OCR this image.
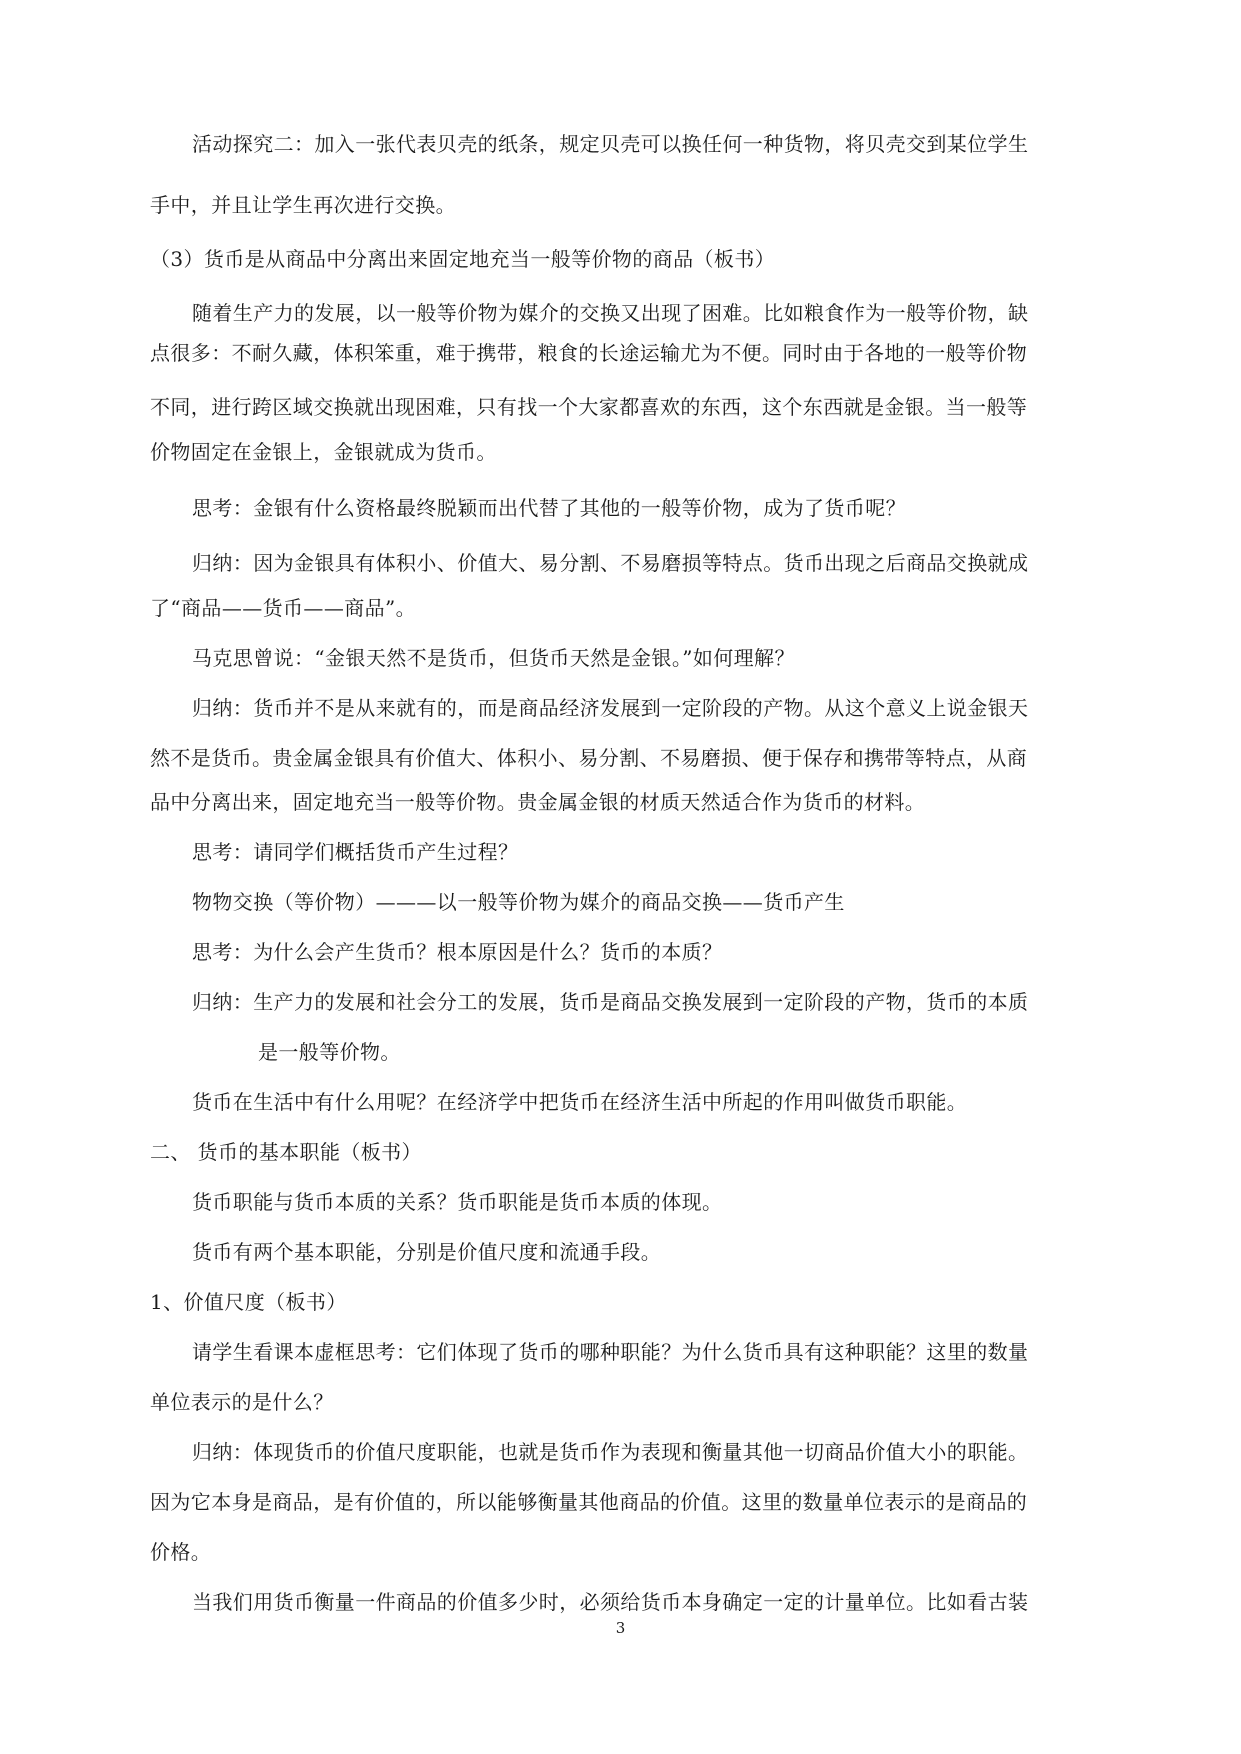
活动探究二：加入一张代表贝壳的纸条，规定贝壳可以换任何一种货物，将贝壳交到某位学生
手中，并且让学生再次进行交换。
（3）货币是从商品中分离出来固定地充当一般等价物的商品（板书）
随着生产力的发展，以一般等价物为媒介的交换又出现了困难。比如粮食作为一般等价物，缺
点很多：不耐久藏，体积笨重，难于携带，粮食的长途运输尤为不便。同时由于各地的一般等价物
不同，进行跨区域交换就出现困难，只有找一个大家都喜欢的东西，这个东西就是金银。当一般等
价物固定在金银上，金银就成为货币。
思考：金银有什么资格最终脱颖而出代替了其他的一般等价物，成为了货币呢？
归纳：因为金银具有体积小、价值大、易分割、不易磨损等特点。货币出现之后商品交换就成
了“商品——货币——商品”。
马克思曾说：“金银天然不是货币，但货币天然是金银。”如何理解？
归纳：货币并不是从来就有的，而是商品经济发展到一定阶段的产物。从这个意义上说金银天
然不是货币。贵金属金银具有价值大、体积小、易分割、不易磨损、便于保存和携带等特点，从商
品中分离出来，固定地充当一般等价物。贵金属金银的材质天然适合作为货币的材料。
思考：请同学们概括货币产生过程？
物物交换（等价物）———以一般等价物为媒介的商品交换——货币产生
思考：为什么会产生货币？根本原因是什么？货币的本质？
归纳：生产力的发展和社会分工的发展，货币是商品交换发展到一定阶段的产物，货币的本质
是一般等价物。
货币在生活中有什么用呢？在经济学中把货币在经济生活中所起的作用叫做货币职能。
二、 货币的基本职能（板书）
货币职能与货币本质的关系？货币职能是货币本质的体现。
货币有两个基本职能，分别是价值尺度和流通手段。
1、价值尺度（板书）
请学生看课本虚框思考：它们体现了货币的哪种职能？为什么货币具有这种职能？这里的数量
单位表示的是什么？
归纳：体现货币的价值尺度职能，也就是货币作为表现和衡量其他一切商品价值大小的职能。
因为它本身是商品，是有价值的，所以能够衡量其他商品的价值。这里的数量单位表示的是商品的
价格。
当我们用货币衡量一件商品的价值多少时，必须给货币本身确定一定的计量单位。比如看古装
3
